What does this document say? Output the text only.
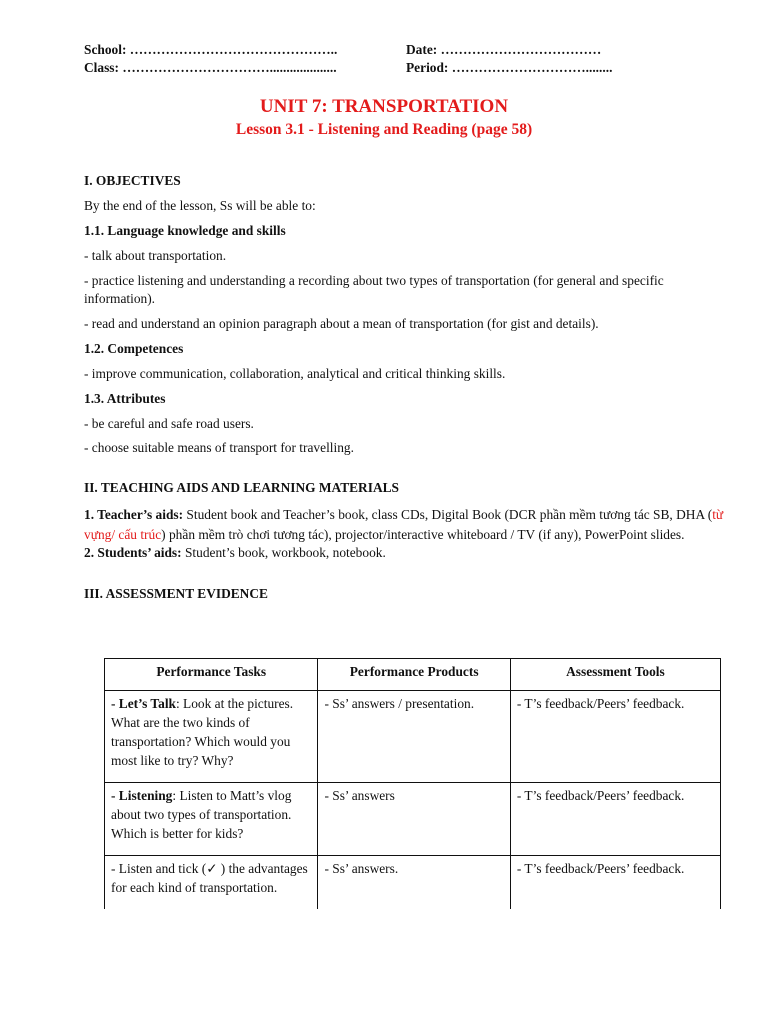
School: ………………………………………..
Class: ……………………………....................
Date: ………………………………
Period: …………………………........
UNIT 7: TRANSPORTATION
Lesson 3.1 - Listening and Reading (page 58)

I. OBJECTIVES

By the end of the lesson, Ss will be able to:

1.1. Language knowledge and skills

- talk about transportation.

- practice listening and understanding a recording about two types of transportation (for general and specific information).

- read and understand an opinion paragraph about a mean of transportation (for gist and details).

1.2. Competences

- improve communication, collaboration, analytical and critical thinking skills.

1.3. Attributes

- be careful and safe road users.

- choose suitable means of transport for travelling.

II. TEACHING AIDS AND LEARNING MATERIALS

1. Teacher’s aids: Student book and Teacher’s book, class CDs, Digital Book (DCR phần mềm tương tác SB, DHA (từ vựng/ cấu trúc) phần mềm trò chơi tương tác), projector/interactive whiteboard / TV (if any), PowerPoint slides.

2. Students’ aids: Student’s book, workbook, notebook.

III. ASSESSMENT EVIDENCE

Performance Tasks	Performance Products	Assessment Tools
- Let’s Talk: Look at the pictures. What are the two kinds of transportation? Which would you most like to try? Why?	- Ss’ answers / presentation.	- T’s feedback/Peers’ feedback.
- Listening: Listen to Matt’s vlog about two types of transportation. Which is better for kids?	- Ss’ answers	- T’s feedback/Peers’ feedback.
- Listen and tick (✓ ) the advantages for each kind of transportation.	- Ss’ answers.	- T’s feedback/Peers’ feedback.
